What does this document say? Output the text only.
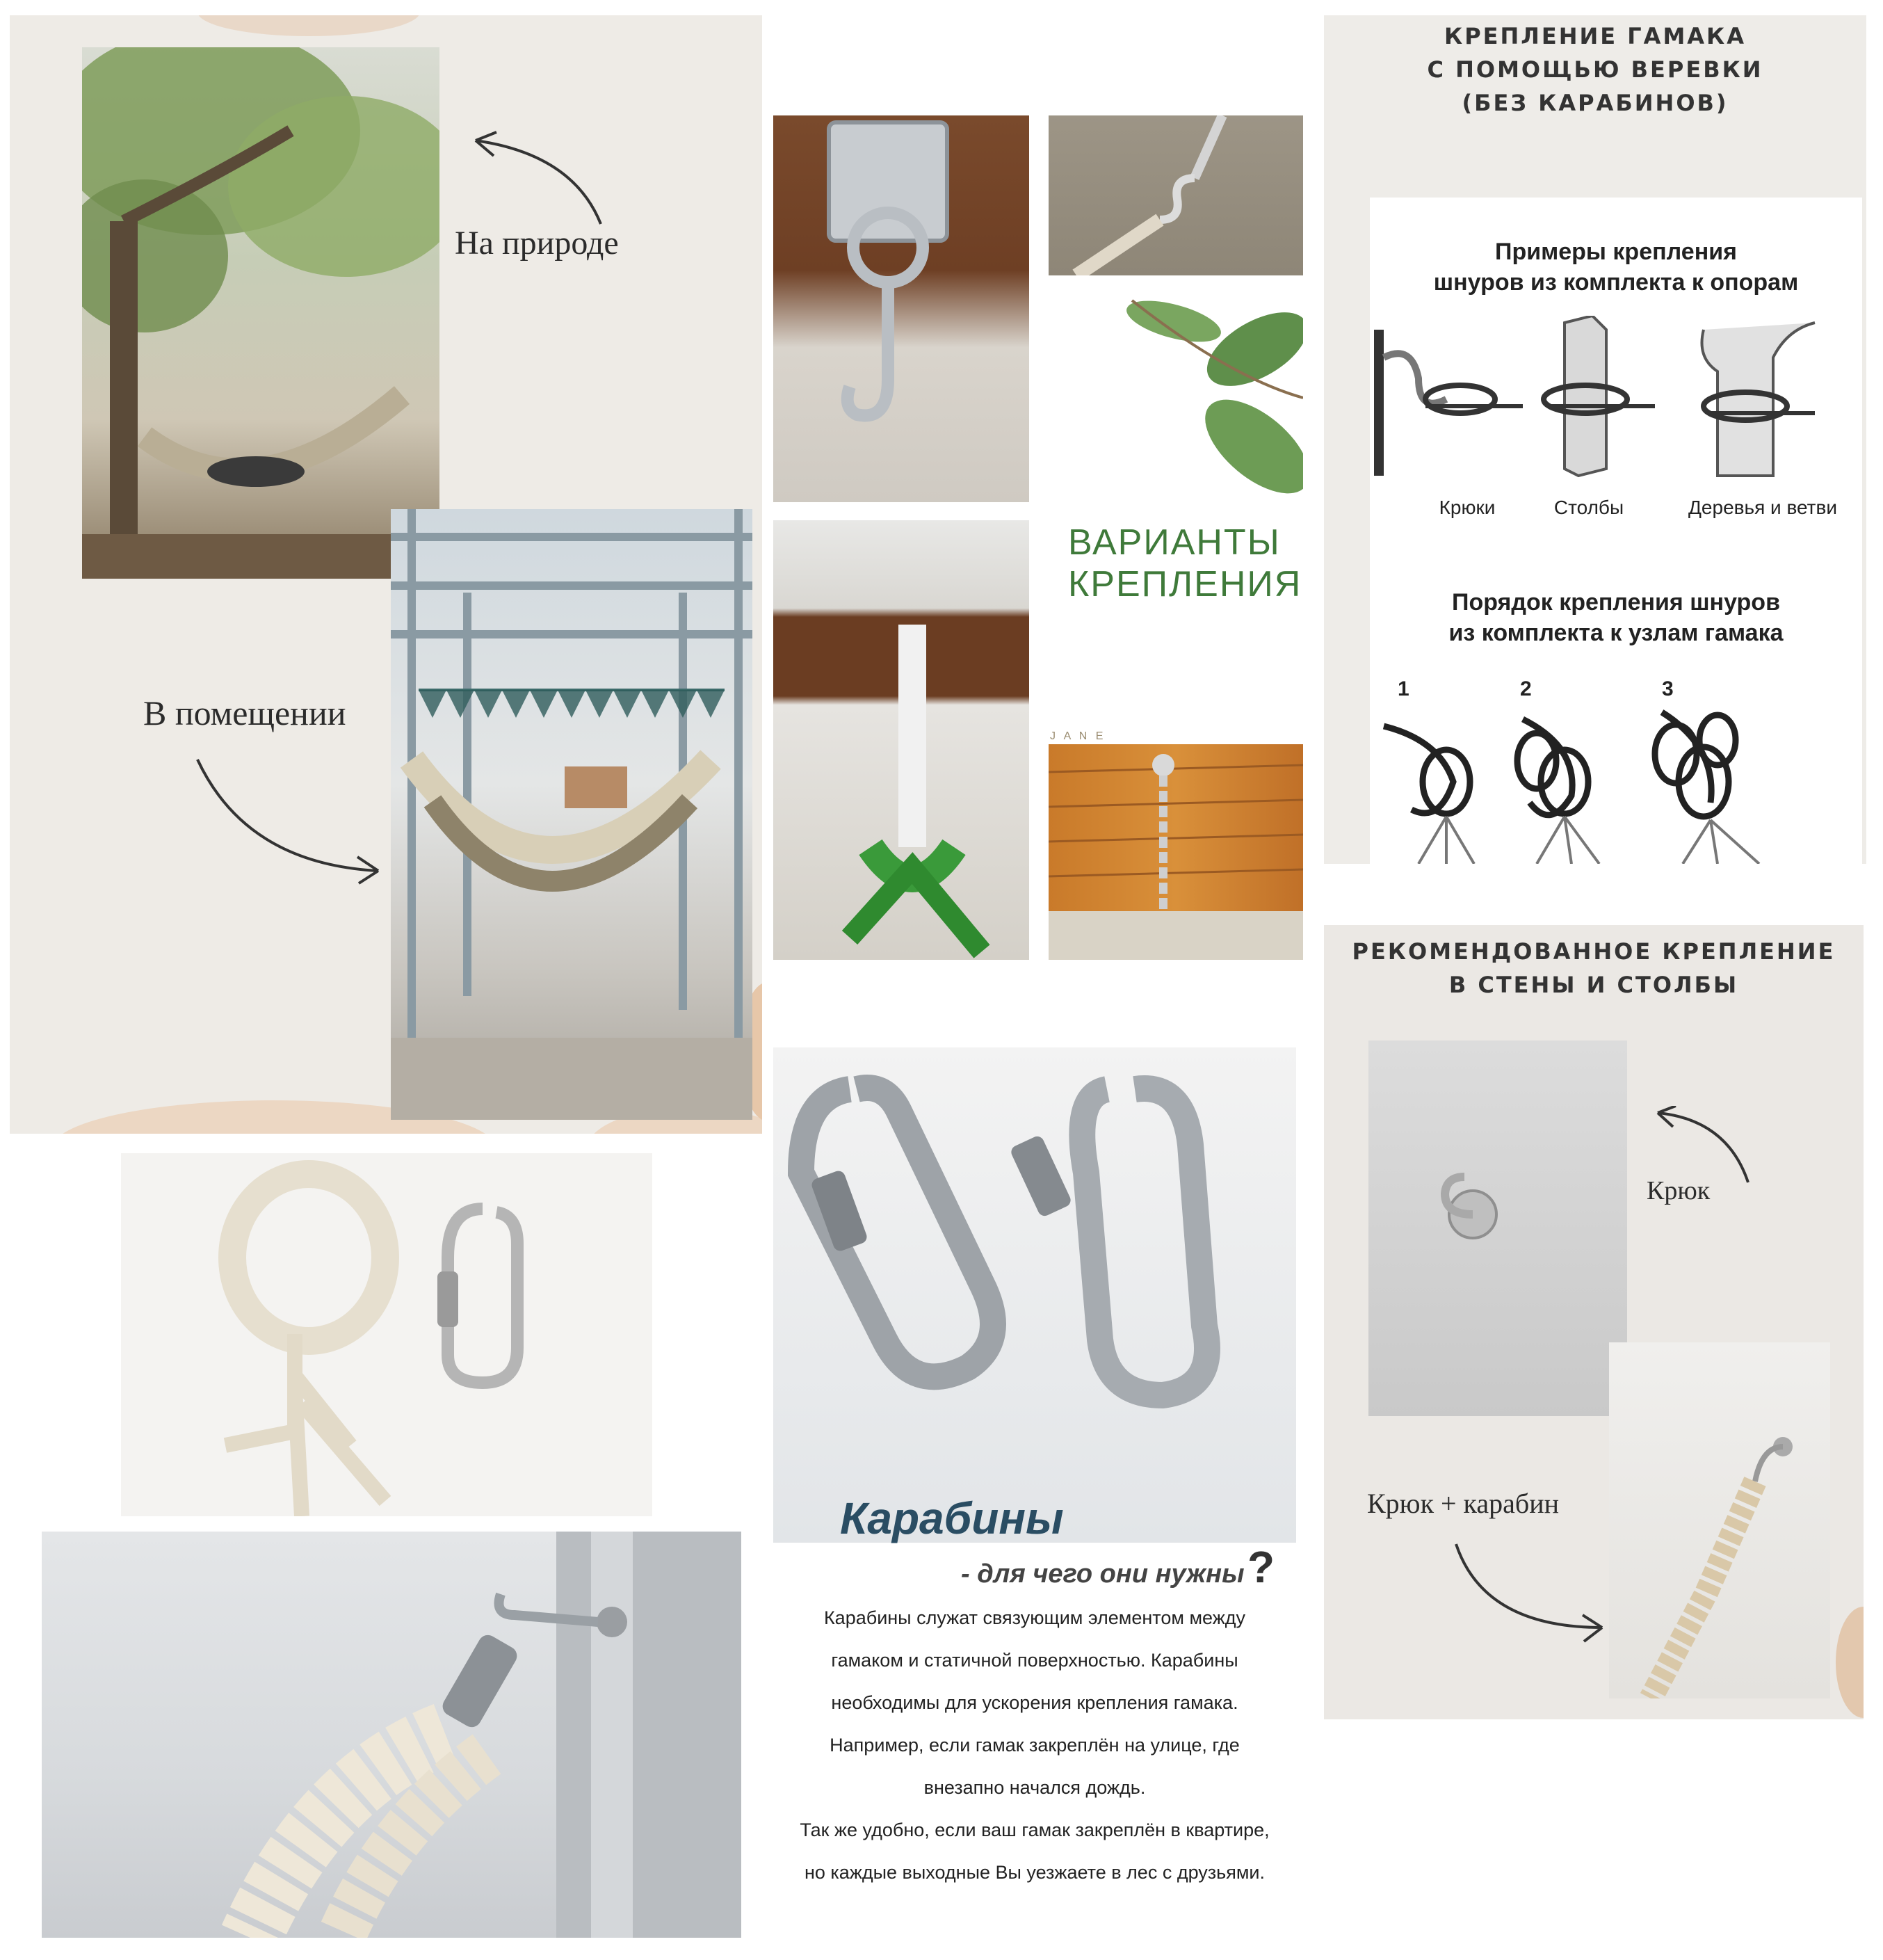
На природе
В помещении
ВАРИАНТЫ
КРЕПЛЕНИЯ
J A N E
КРЕПЛЕНИЕ ГАМАКА
С ПОМОЩЬЮ ВЕРЕВКИ
(БЕЗ КАРАБИНОВ)
Примеры крепления
шнуров из комплекта к опорам
Крюки	Столбы	Деревья и ветви
Порядок крепления шнуров
из комплекта к узлам гамака
1	2	3
РЕКОМЕНДОВАННОЕ КРЕПЛЕНИЕ
В СТЕНЫ И СТОЛБЫ
Крюк
Крюк + карабин
Карабины
- для чего они нужны ?
Карабины служат связующим элементом между
гамаком и статичной поверхностью. Карабины
необходимы для ускорения крепления гамака.
Например, если гамак закреплён на улице, где
внезапно начался дождь.
Так же удобно, если ваш гамак закреплён в квартире,
но каждые выходные Вы уезжаете в лес с друзьями.
